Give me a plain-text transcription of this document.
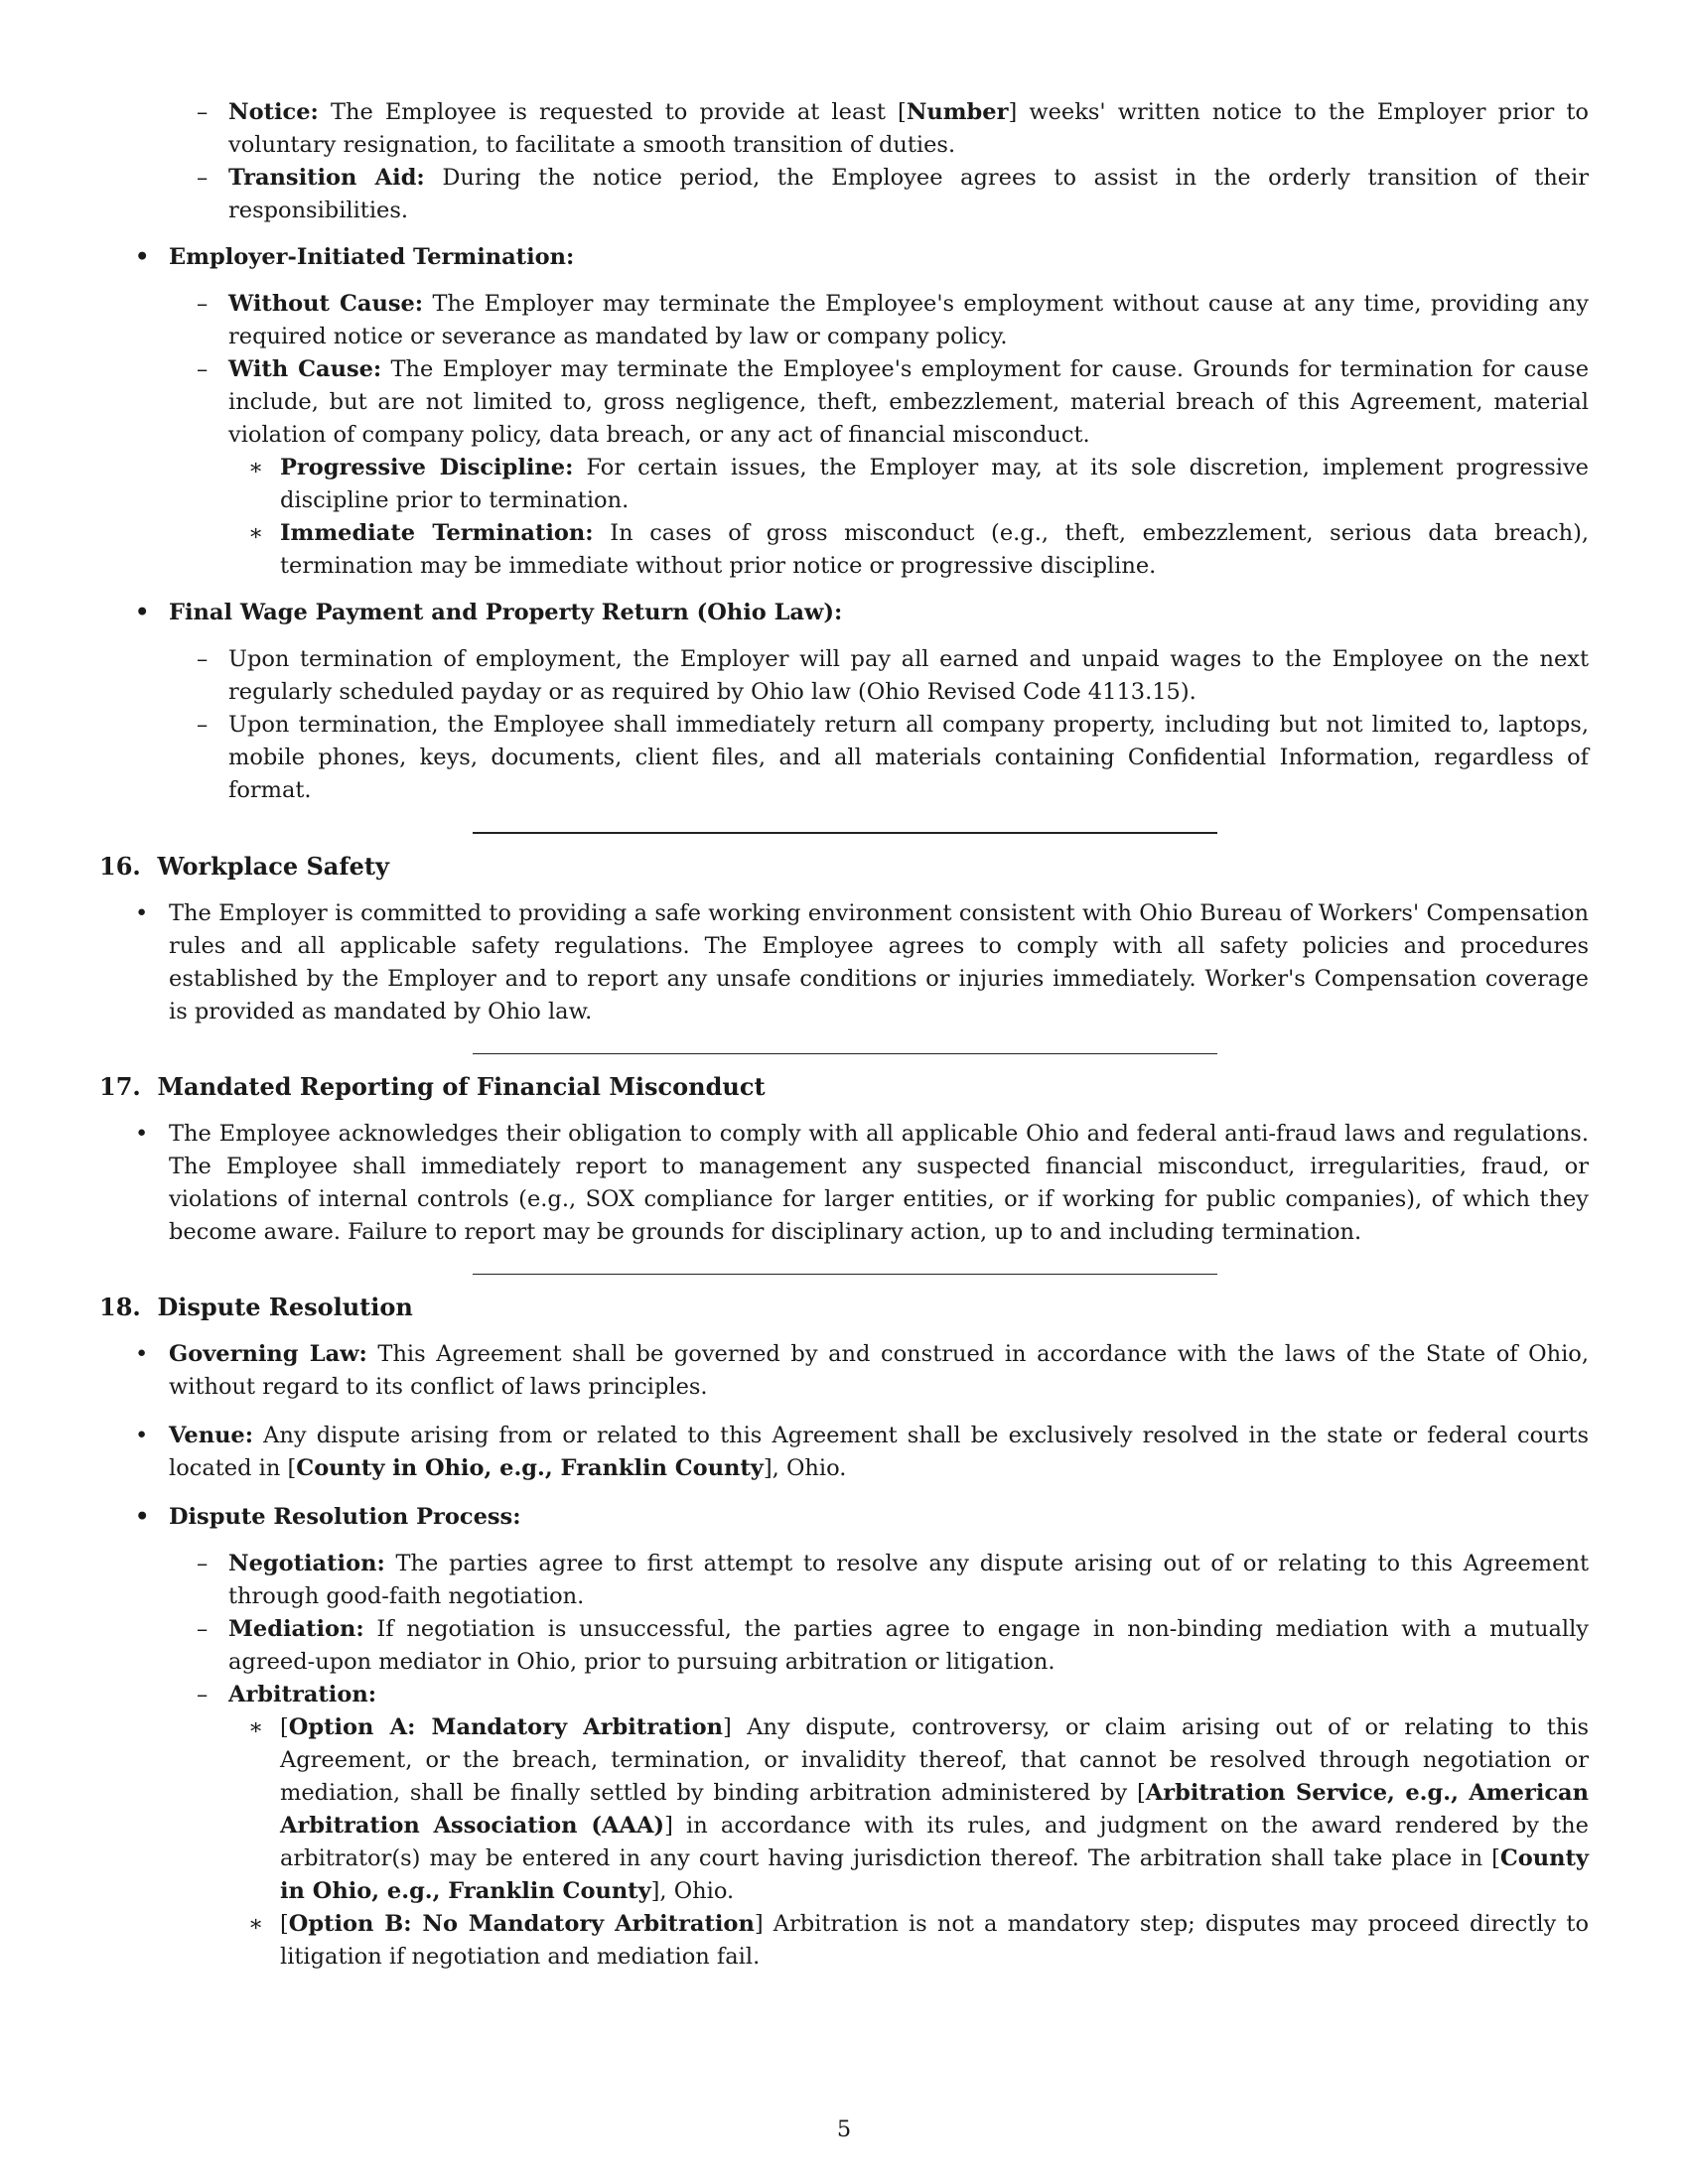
– Notice: The Employee is requested to provide at least [Number] weeks' written notice to the Employer prior to voluntary resignation, to facilitate a smooth transition of duties.
– Transition Aid: During the notice period, the Employee agrees to assist in the orderly transition of their responsibilities.
• Employer-Initiated Termination:
– Without Cause: The Employer may terminate the Employee's employment without cause at any time, providing any required notice or severance as mandated by law or company policy.
– With Cause: The Employer may terminate the Employee's employment for cause. Grounds for termination for cause include, but are not limited to, gross negligence, theft, embezzlement, material breach of this Agreement, material violation of company policy, data breach, or any act of financial misconduct.
∗ Progressive Discipline: For certain issues, the Employer may, at its sole discretion, implement progressive discipline prior to termination.
∗ Immediate Termination: In cases of gross misconduct (e.g., theft, embezzlement, serious data breach), termination may be immediate without prior notice or progressive discipline.
• Final Wage Payment and Property Return (Ohio Law):
– Upon termination of employment, the Employer will pay all earned and unpaid wages to the Employee on the next regularly scheduled payday or as required by Ohio law (Ohio Revised Code 4113.15).
– Upon termination, the Employee shall immediately return all company property, including but not limited to, laptops, mobile phones, keys, documents, client files, and all materials containing Confidential Information, regardless of format.
16. Workplace Safety
• The Employer is committed to providing a safe working environment consistent with Ohio Bureau of Workers' Compensation rules and all applicable safety regulations. The Employee agrees to comply with all safety policies and procedures established by the Employer and to report any unsafe conditions or injuries immediately. Worker's Compensation coverage is provided as mandated by Ohio law.
17. Mandated Reporting of Financial Misconduct
• The Employee acknowledges their obligation to comply with all applicable Ohio and federal anti-fraud laws and regulations. The Employee shall immediately report to management any suspected financial misconduct, irregularities, fraud, or violations of internal controls (e.g., SOX compliance for larger entities, or if working for public companies), of which they become aware. Failure to report may be grounds for disciplinary action, up to and including termination.
18. Dispute Resolution
• Governing Law: This Agreement shall be governed by and construed in accordance with the laws of the State of Ohio, without regard to its conflict of laws principles.
• Venue: Any dispute arising from or related to this Agreement shall be exclusively resolved in the state or federal courts located in [County in Ohio, e.g., Franklin County], Ohio.
• Dispute Resolution Process:
– Negotiation: The parties agree to first attempt to resolve any dispute arising out of or relating to this Agreement through good-faith negotiation.
– Mediation: If negotiation is unsuccessful, the parties agree to engage in non-binding mediation with a mutually agreed-upon mediator in Ohio, prior to pursuing arbitration or litigation.
– Arbitration:
∗ [Option A: Mandatory Arbitration] Any dispute, controversy, or claim arising out of or relating to this Agreement, or the breach, termination, or invalidity thereof, that cannot be resolved through negotiation or mediation, shall be finally settled by binding arbitration administered by [Arbitration Service, e.g., American Arbitration Association (AAA)] in accordance with its rules, and judgment on the award rendered by the arbitrator(s) may be entered in any court having jurisdiction thereof. The arbitration shall take place in [County in Ohio, e.g., Franklin County], Ohio.
∗ [Option B: No Mandatory Arbitration] Arbitration is not a mandatory step; disputes may proceed directly to litigation if negotiation and mediation fail.
5
